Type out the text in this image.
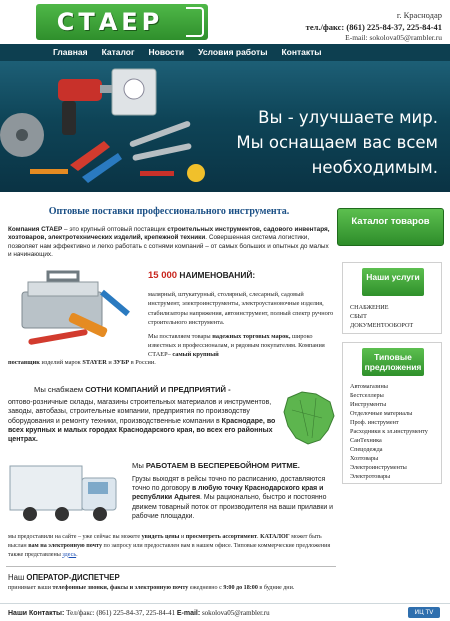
СТАЕР	г. Краснодар
тел./факс: (861) 225-84-37, 225-84-41
E-mail: sokolova05@rambler.ru
Главная	Каталог	Новости	Условия работы	Контакты
Вы - улучшаете мир.
Мы оснащаем вас всем
необходимым.
Оптовые поставки профессионального инструмента.
Компания СТАЕР – это крупный оптовый поставщик строительных инструментов, садового инвентаря, хозтоваров, электротехнических изделий, крепежной техники. Совершенная система логистики, позволяет нам эффективно и легко работать с сотнями компаний – от самых больших и опытных до малых и начинающих.
15 000 НАИМЕНОВАНИЙ:
малярный, штукатурный, столярный, слесарный, садовый инструмент, электроинструменты, электроустановочные изделия, стабилизаторы напряжения, автоинструмент, полный спектр ручного строительного инструмента.
Мы поставляем товары надежных торговых марок, широко известных и профессионалам, и рядовым покупателям. Компания СТАЕР– самый крупный
поставщик изделий марок STAYER и ЗУБР в России.
Мы снабжаем СОТНИ КОМПАНИЙ И ПРЕДПРИЯТИЙ -
оптово-розничные склады, магазины строительных материалов и инструментов, заводы, автобазы, строительные компании, предприятия по производству оборудования и ремонту техники, производственные компании в Краснодаре, во всех крупных и малых городах Краснодарского края, во всех его районных центрах.
Мы РАБОТАЕМ В БЕСПЕРЕБОЙНОМ РИТМЕ.
Грузы выходят в рейсы точно по расписанию, доставляются точно по договору в любую точку Краснодарского края и республики Адыгея. Мы рационально, быстро и постоянно движем товарный поток от производителя на ваши прилавки и рабочие площадки.
мы предоставили на сайте – уже сейчас вы можете увидеть цены и просмотреть ассортимент. КАТАЛОГ может быть выслан вам на электронную почту по запросу или предоставлен вам в нашем офисе. Типовые коммерческие предложения также представлены здесь.
Наш ОПЕРАТОР-ДИСПЕТЧЕР
принимает ваши телефонные звонки, факсы и электронную почту ежедневно с 9:00 до 18:00 в будние дни.
Каталог товаров
Наши услуги
СНАБЖЕНИЕ
СБЫТ
ДОКУМЕНТООБОРОТ
Типовые предложения
Автомагазины
Бестселлеры
Инструменты
Отделочные материалы
Проф. инструмент
Расходники к эл.инструменту
СанТехника
Спецодежда
Хозтовары
Электроинструменты
Электротовары
Наши Контакты: Тел/факс: (861) 225-84-37, 225-84-41 E-mail: sokolova05@rambler.ru	ИЦ ТV
